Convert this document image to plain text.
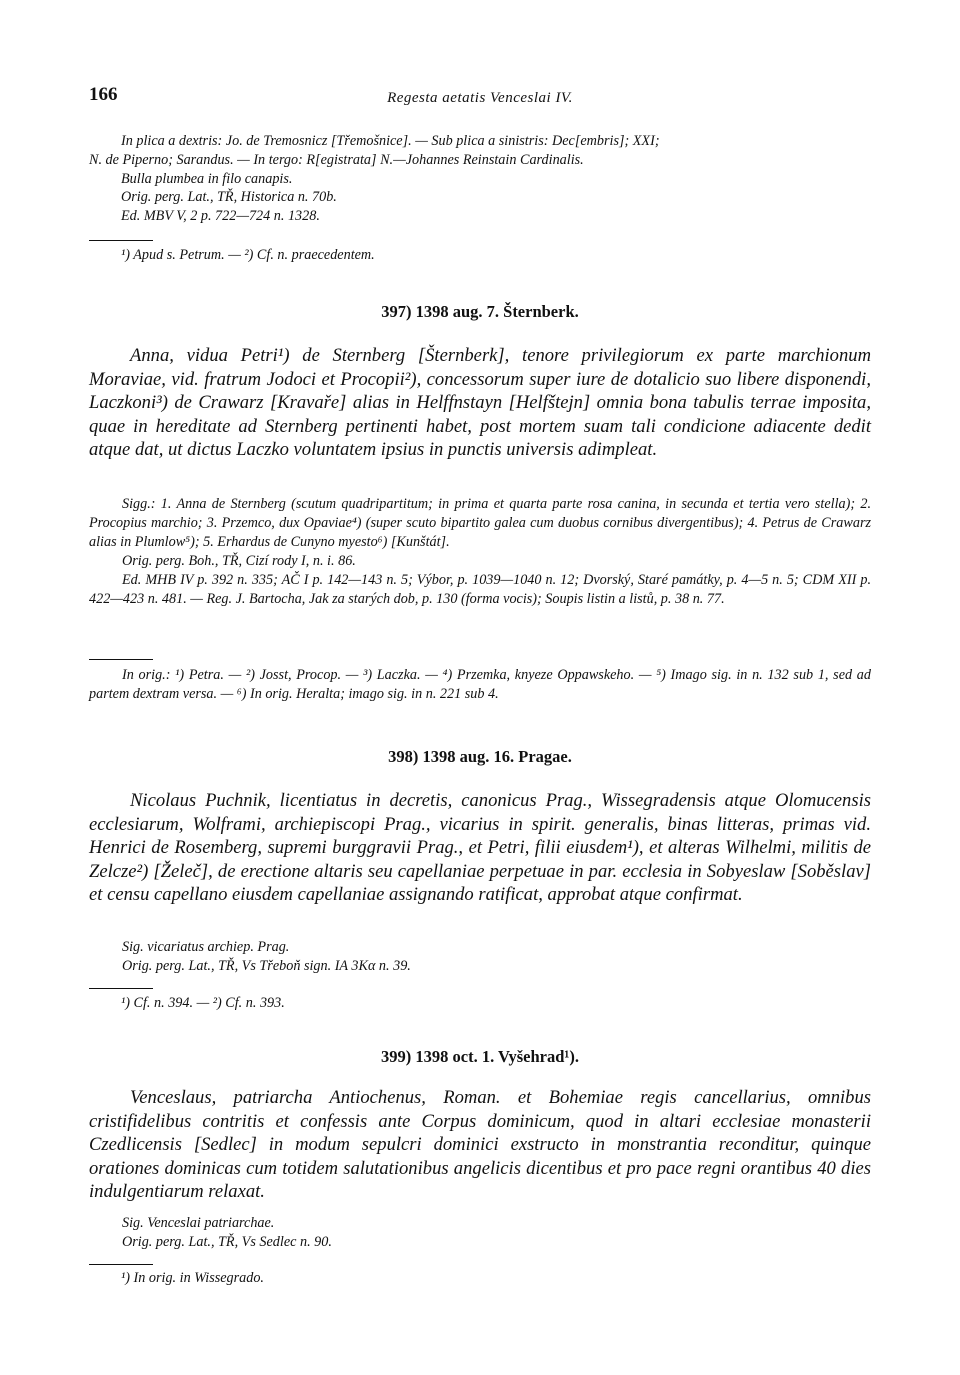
166	Regesta aetatis Venceslai IV.
In plica a dextris: Jo. de Tremosnicz [Třemošnice]. — Sub plica a sinistris: Dec[embris]; XXI;
N. de Piperno; Sarandus. — In tergo: R[egistrata] N.—Johannes Reinstain Cardinalis.
Bulla plumbea in filo canapis.
Orig. perg. Lat., TŘ, Historica n. 70b.
Ed. MBV V, 2 p. 722—724 n. 1328.
¹) Apud s. Petrum. — ²) Cf. n. praecedentem.
397) 1398 aug. 7. Šternberk.
Anna, vidua Petri¹) de Sternberg [Šternberk], tenore privilegiorum ex parte marchionum Moraviae, vid. fratrum Jodoci et Procopii²), concessorum super iure de dotalicio suo libere disponendi, Laczkoni³) de Crawarz [Kravaře] alias in Helffnstayn [Helfštejn] omnia bona tabulis terrae imposita, quae in hereditate ad Sternberg pertinenti habet, post mortem suam tali condicione adiacente dedit atque dat, ut dictus Laczko voluntatem ipsius in punctis universis adimpleat.

Sigg.: 1. Anna de Sternberg (scutum quadripartitum; in prima et quarta parte rosa canina, in secunda et tertia vero stella); 2. Procopius marchio; 3. Przemco, dux Opaviae⁴) (super scuto bipartito galea cum duobus cornibus divergentibus); 4. Petrus de Crawarz alias in Plumlow⁵); 5. Erhardus de Cunyno myesto⁶) [Kunštát].

Orig. perg. Boh., TŘ, Cizí rody I, n. i. 86.

Ed. MHB IV p. 392 n. 335; AČ I p. 142—143 n. 5; Výbor, p. 1039—1040 n. 12; Dvorský, Staré památky, p. 4—5 n. 5; CDM XII p. 422—423 n. 481. — Reg. J. Bartocha, Jak za starých dob, p. 130 (forma vocis); Soupis listin a listů, p. 38 n. 77.

In orig.: ¹) Petra. — ²) Josst, Procop. — ³) Laczka. — ⁴) Przemka, knyeze Oppawskeho. — ⁵) Imago sig. in n. 132 sub 1, sed ad partem dextram versa. — ⁶) In orig. Heralta; imago sig. in n. 221 sub 4.

398) 1398 aug. 16. Pragae.
Nicolaus Puchnik, licentiatus in decretis, canonicus Prag., Wissegradensis atque Olomucensis ecclesiarum, Wolframi, archiepiscopi Prag., vicarius in spirit. generalis, binas litteras, primas vid. Henrici de Rosemberg, supremi burggravii Prag., et Petri, filii eiusdem¹), et alteras Wilhelmi, militis de Zelcze²) [Želeč], de erectione altaris seu capellaniae perpetuae in par. ecclesia in Sobyeslaw [Soběslav] et censu capellano eiusdem capellaniae assignando ratificat, approbat atque confirmat.

Sig. vicariatus archiep. Prag.

Orig. perg. Lat., TŘ, Vs Třeboň sign. IA 3Kα n. 39.

¹) Cf. n. 394. — ²) Cf. n. 393.
399) 1398 oct. 1. Vyšehrad¹).
Venceslaus, patriarcha Antiochenus, Roman. et Bohemiae regis cancellarius, omnibus cristifidelibus contritis et confessis ante Corpus dominicum, quod in altari ecclesiae monasterii Czedlicensis [Sedlec] in modum sepulcri dominici exstructo in monstrantia reconditur, quinque orationes dominicas cum totidem salutationibus angelicis dicentibus et pro pace regni orantibus 40 dies indulgentiarum relaxat.

Sig. Venceslai patriarchae.

Orig. perg. Lat., TŘ, Vs Sedlec n. 90.

¹) In orig. in Wissegrado.
